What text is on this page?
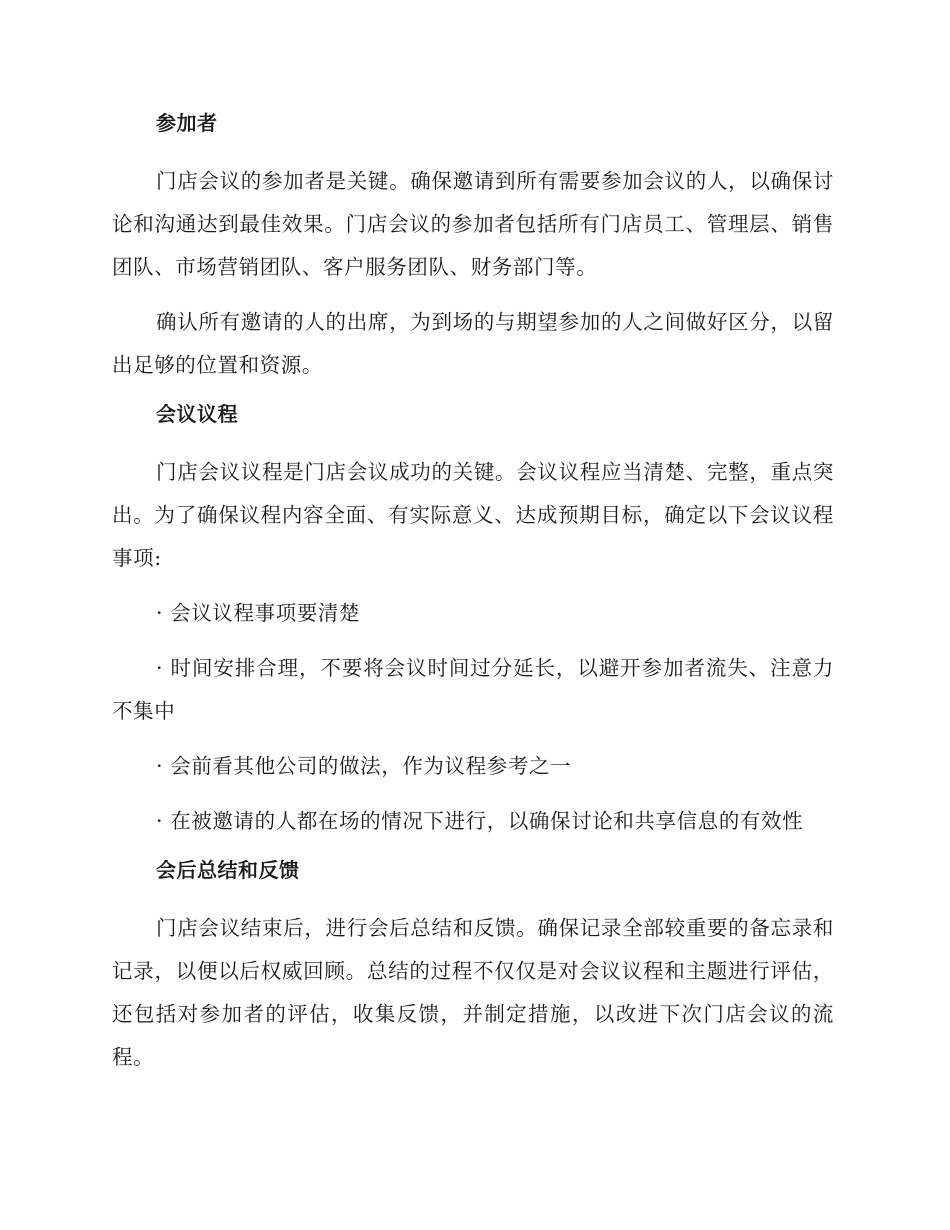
参加者

门店会议的参加者是关键。确保邀请到所有需要参加会议的人，以确保讨论和沟通达到最佳效果。门店会议的参加者包括所有门店员工、管理层、销售团队、市场营销团队、客户服务团队、财务部门等。

确认所有邀请的人的出席，为到场的与期望参加的人之间做好区分，以留出足够的位置和资源。

会议议程

门店会议议程是门店会议成功的关键。会议议程应当清楚、完整，重点突出。为了确保议程内容全面、有实际意义、达成预期目标，确定以下会议议程事项:

· 会议议程事项要清楚

· 时间安排合理，不要将会议时间过分延长，以避开参加者流失、注意力不集中

· 会前看其他公司的做法，作为议程参考之一

· 在被邀请的人都在场的情况下进行，以确保讨论和共享信息的有效性

会后总结和反馈

门店会议结束后，进行会后总结和反馈。确保记录全部较重要的备忘录和记录，以便以后权威回顾。总结的过程不仅仅是对会议议程和主题进行评估，还包括对参加者的评估，收集反馈，并制定措施，以改进下次门店会议的流程。
